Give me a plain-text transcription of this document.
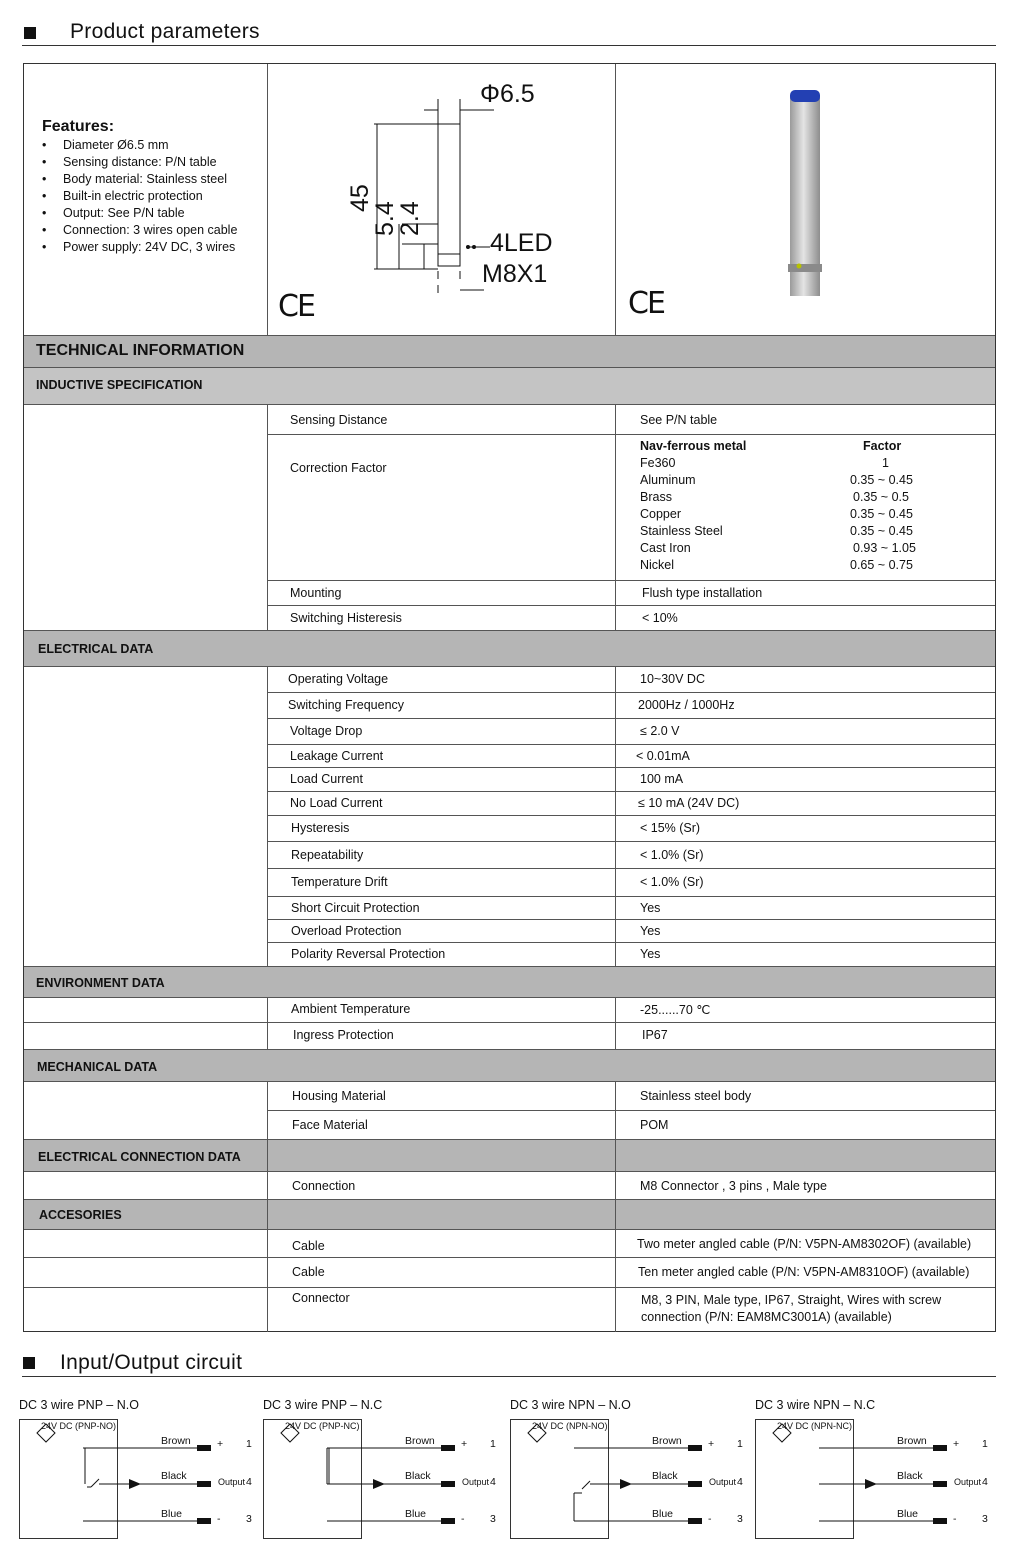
Product parameters
Features:
• Diameter Ø6.5 mm
• Sensing distance: P/N table
• Body material: Stainless steel
• Built-in electric protection
• Output: See P/N table
• Connection: 3 wires open cable
• Power supply: 24V DC, 3 wires
Φ6.5
45
5.4
2.4
4LED
M8X1
CE	CE
TECHNICAL INFORMATION
INDUCTIVE SPECIFICATION
Sensing Distance	See P/N table
Correction Factor
Nav-ferrous metal	Factor
Fe360	1
Aluminum	0.35 ~ 0.45
Brass	0.35 ~ 0.5
Copper	0.35 ~ 0.45
Stainless Steel	0.35 ~ 0.45
Cast Iron	0.93 ~ 1.05
Nickel	0.65 ~ 0.75
Mounting	Flush type installation
Switching Histeresis	< 10%
ELECTRICAL DATA
Operating Voltage	10~30V DC
Switching Frequency	2000Hz / 1000Hz
Voltage Drop	≤ 2.0 V
Leakage Current	< 0.01mA
Load Current	100 mA
No Load Current	≤ 10 mA (24V DC)
Hysteresis	< 15% (Sr)
Repeatability	< 1.0% (Sr)
Temperature Drift	< 1.0% (Sr)
Short Circuit Protection	Yes
Overload Protection	Yes
Polarity Reversal Protection	Yes
ENVIRONMENT DATA
Ambient Temperature	-25......70 ℃
Ingress Protection	IP67
MECHANICAL DATA
Housing Material	Stainless steel body
Face Material	POM
ELECTRICAL CONNECTION DATA
Connection	M8 Connector , 3 pins , Male type
ACCESORIES
Cable	Two meter angled cable (P/N: V5PN-AM8302OF) (available)
Cable	Ten meter angled cable (P/N: V5PN-AM8310OF) (available)
Connector	M8, 3 PIN, Male type, IP67, Straight, Wires with screw
connection (P/N: EAM8MC3001A) (available)
Input/Output circuit
DC 3 wire PNP – N.O
24V DC (PNP-NO)
Brown
Black
Blue
+
-
Output
1
4
3
DC 3 wire PNP – N.C
24V DC (PNP-NC)
Brown
Black
Blue
+
-
Output
1
4
3
DC 3 wire NPN – N.O
24V DC (NPN-NO)
Brown
Black
Blue
+
-
Output
1
4
3
DC 3 wire NPN – N.C
24V DC (NPN-NC)
Brown
Black
Blue
+
-
Output
1
4
3
